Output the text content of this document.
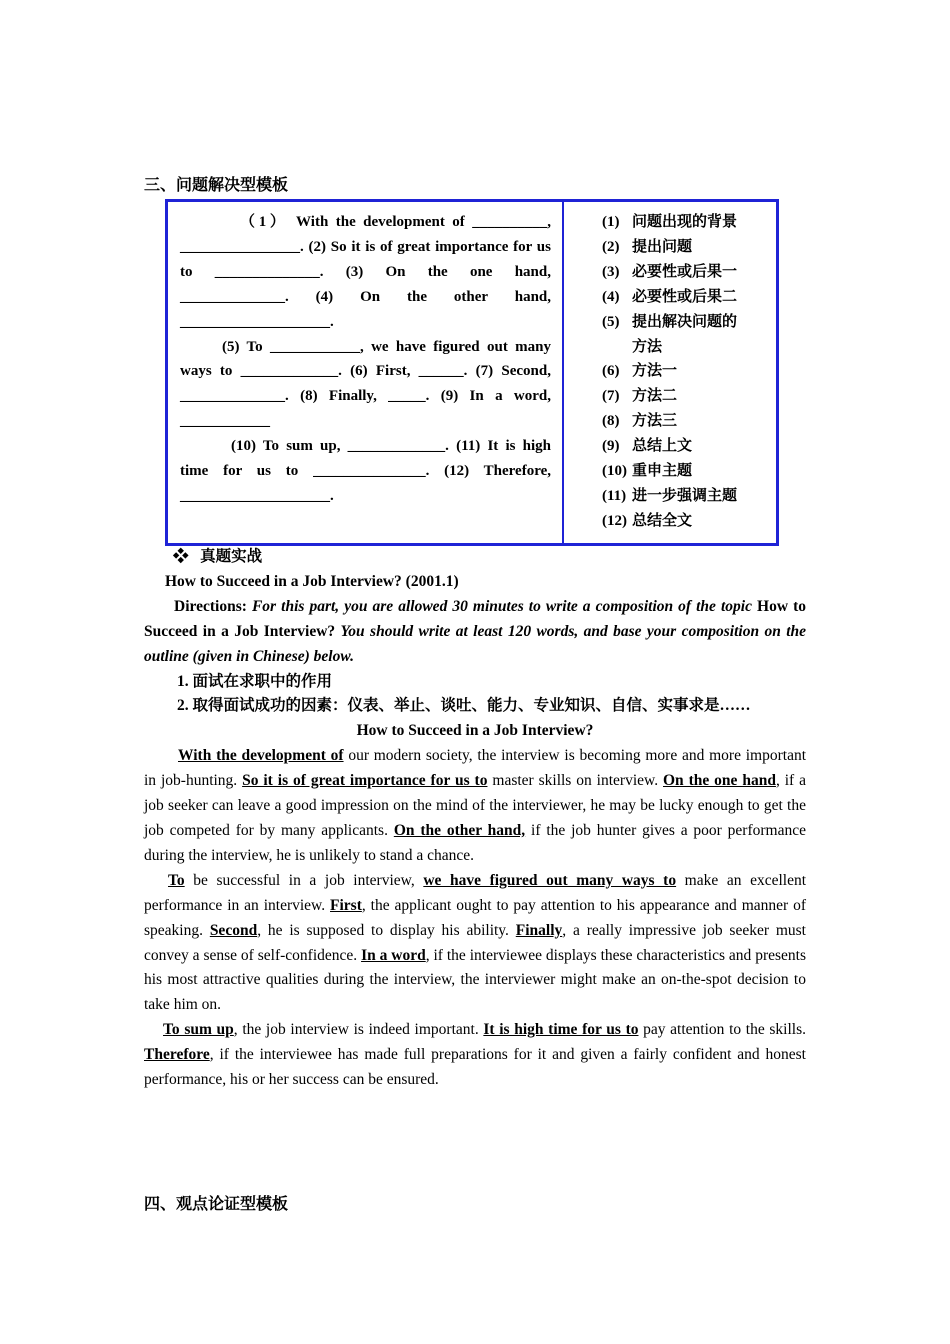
三、问题解决型模板

（1） With the development of __________, ________________. (2) So it is of great importance for us to ______________. (3) On the one hand, ______________. (4) On the other hand, ____________________.

(5) To ____________, we have figured out many ways to _____________. (6) First, ______. (7) Second, ______________. (8) Finally, _____. (9) In a word, ____________

(10) To sum up, _____________. (11) It is high time for us to _______________. (12) Therefore, ____________________.

(1) 问题出现的背景
(2) 提出问题
(3) 必要性或后果一
(4) 必要性或后果二
(5) 提出解决问题的
方法
(6) 方法一
(7) 方法二
(8) 方法三
(9) 总结上文
(10) 重申主题
(11) 进一步强调主题
(12) 总结全文

❖ 真题实战

How to Succeed in a Job Interview? (2001.1)

Directions: For this part, you are allowed 30 minutes to write a composition of the topic How to Succeed in a Job Interview? You should write at least 120 words, and base your composition on the outline (given in Chinese) below.

1. 面试在求职中的作用

2. 取得面试成功的因素：仪表、举止、谈吐、能力、专业知识、自信、实事求是……

How to Succeed in a Job Interview?

With the development of our modern society, the interview is becoming more and more important in job-hunting. So it is of great importance for us to master skills on interview. On the one hand, if a job seeker can leave a good impression on the mind of the interviewer, he may be lucky enough to get the job competed for by many applicants. On the other hand, if the job hunter gives a poor performance during the interview, he is unlikely to stand a chance.

To be successful in a job interview, we have figured out many ways to make an excellent performance in an interview. First, the applicant ought to pay attention to his appearance and manner of speaking. Second, he is supposed to display his ability. Finally, a really impressive job seeker must convey a sense of self-confidence. In a word, if the interviewee displays these characteristics and presents his most attractive qualities during the interview, the interviewer might make an on-the-spot decision to take him on.

To sum up, the job interview is indeed important. It is high time for us to pay attention to the skills. Therefore, if the interviewee has made full preparations for it and given a fairly confident and honest performance, his or her success can be ensured.

四、观点论证型模板
